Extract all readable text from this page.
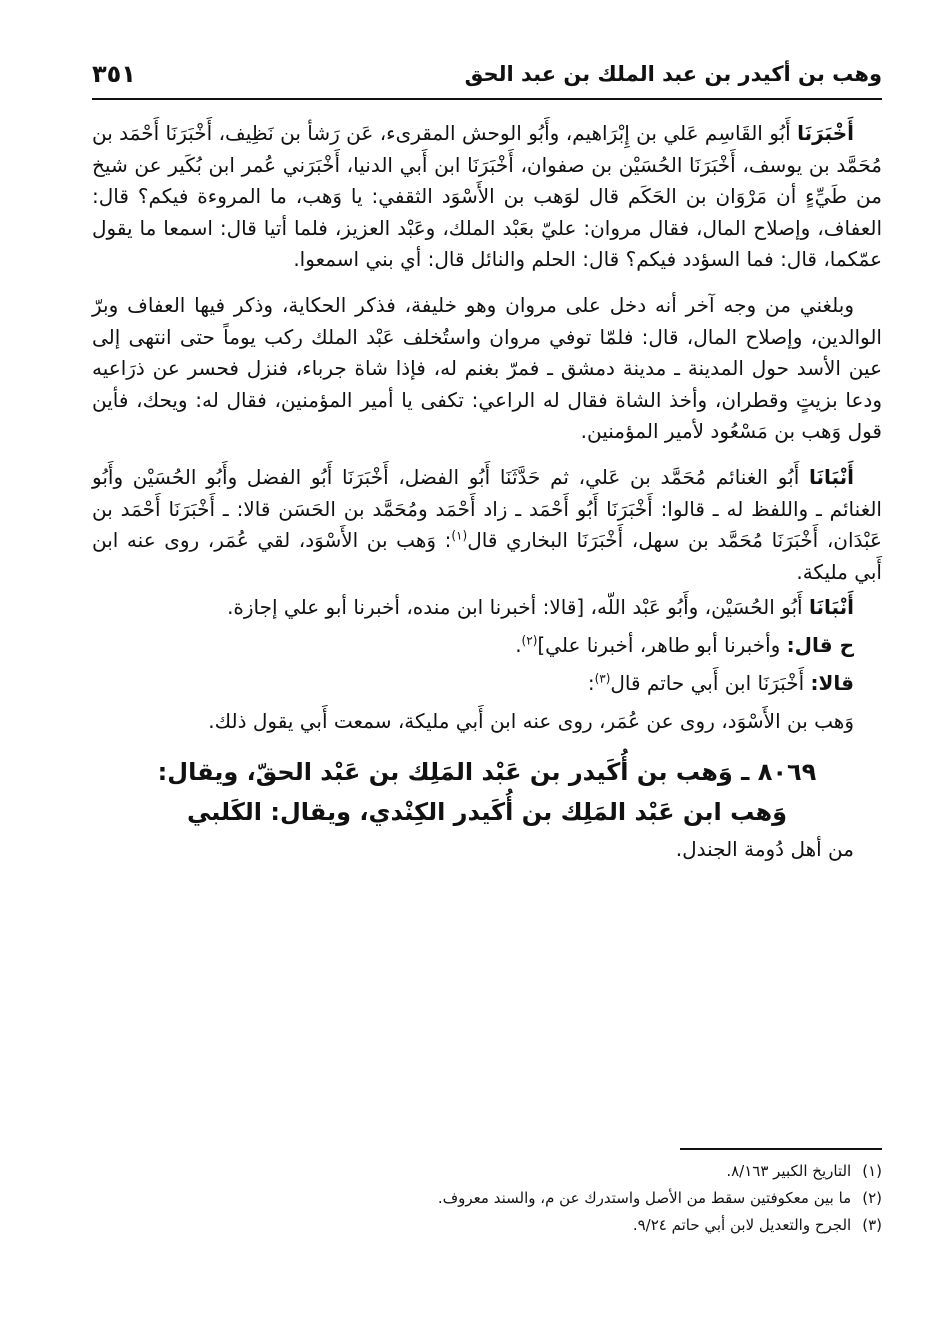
وهب بن أكيدر بن عبد الملك بن عبد الحق
٣٥١

أَخْبَرَنَا أَبُو القَاسِم عَلي بن إِبْرَاهيم، وأَبُو الوحش المقرىء، عَن رَشأ بن نَظِيف، أَخْبَرَنَا أَحْمَد بن مُحَمَّد بن يوسف، أَخْبَرَنَا الحُسَيْن بن صفوان، أَخْبَرَنَا ابن أَبي الدنيا، أَخْبَرَني عُمر ابن بُكَير عن شيخ من طَيِّءٍ أن مَرْوَان بن الحَكَم قال لوَهب بن الأَسْوَد الثقفي: يا وَهب، ما المروءة فيكم؟ قال: العفاف، وإصلاح المال، فقال مروان: عليّ بعَبْد الملك، وعَبْد العزيز، فلما أتيا قال: اسمعا ما يقول عمّكما، قال: فما السؤدد فيكم؟ قال: الحلم والنائل قال: أي بني اسمعوا.

وبلغني من وجه آخر أنه دخل على مروان وهو خليفة، فذكر الحكاية، وذكر فيها العفاف وبرّ الوالدين، وإصلاح المال، قال: فلمّا توفي مروان واستُخلف عَبْد الملك ركب يوماً حتى انتهى إلى عين الأسد حول المدينة ـ مدينة دمشق ـ فمرّ بغنم له، فإذا شاة جرباء، فنزل فحسر عن ذرَاعيه ودعا بزيتٍ وقطران، وأخذ الشاة فقال له الراعي: تكفى يا أمير المؤمنين، فقال له: ويحك، فأين قول وَهب بن مَسْعُود لأمير المؤمنين.

أَنْبَانَا أَبُو الغنائم مُحَمَّد بن عَلي، ثم حَدَّثَنَا أَبُو الفضل، أَخْبَرَنَا أَبُو الفضل وأَبُو الحُسَيْن وأَبُو الغنائم ـ واللفظ له ـ قالوا: أَخْبَرَنَا أَبُو أَحْمَد ـ زاد أَحْمَد ومُحَمَّد بن الحَسَن قالا: ـ أَخْبَرَنَا أَحْمَد بن عَبْدَان، أَخْبَرَنَا مُحَمَّد بن سهل، أَخْبَرَنَا البخاري قال$^{(١)}$: وَهب بن الأَسْوَد، لقي عُمَر، روى عنه ابن أَبي مليكة.

أَنْبَانَا أَبُو الحُسَيْن، وأَبُو عَبْد اللّه، [قالا: أخبرنا ابن منده، أخبرنا أبو علي إجازة.

ح قال: وأخبرنا أبو طاهر، أخبرنا علي]$^{(٢)}$.

قالا: أَخْبَرَنَا ابن أَبي حاتم قال$^{(٣)}$:

وَهب بن الأَسْوَد، روى عن عُمَر، روى عنه ابن أَبي مليكة، سمعت أَبي يقول ذلك.

٨٠٦٩ ـ وَهب بن أُكَيدر بن عَبْد المَلِك بن عَبْد الحقّ، ويقال: وَهب ابن عَبْد المَلِك بن أُكَيدر الكِنْدي، ويقال: الكَلبي

من أهل دُومة الجندل.

(١) التاريخ الكبير ٨/١٦٣.
(٢) ما بين معكوفتين سقط من الأصل واستدرك عن م، والسند معروف.
(٣) الجرح والتعديل لابن أبي حاتم ٩/٢٤.
